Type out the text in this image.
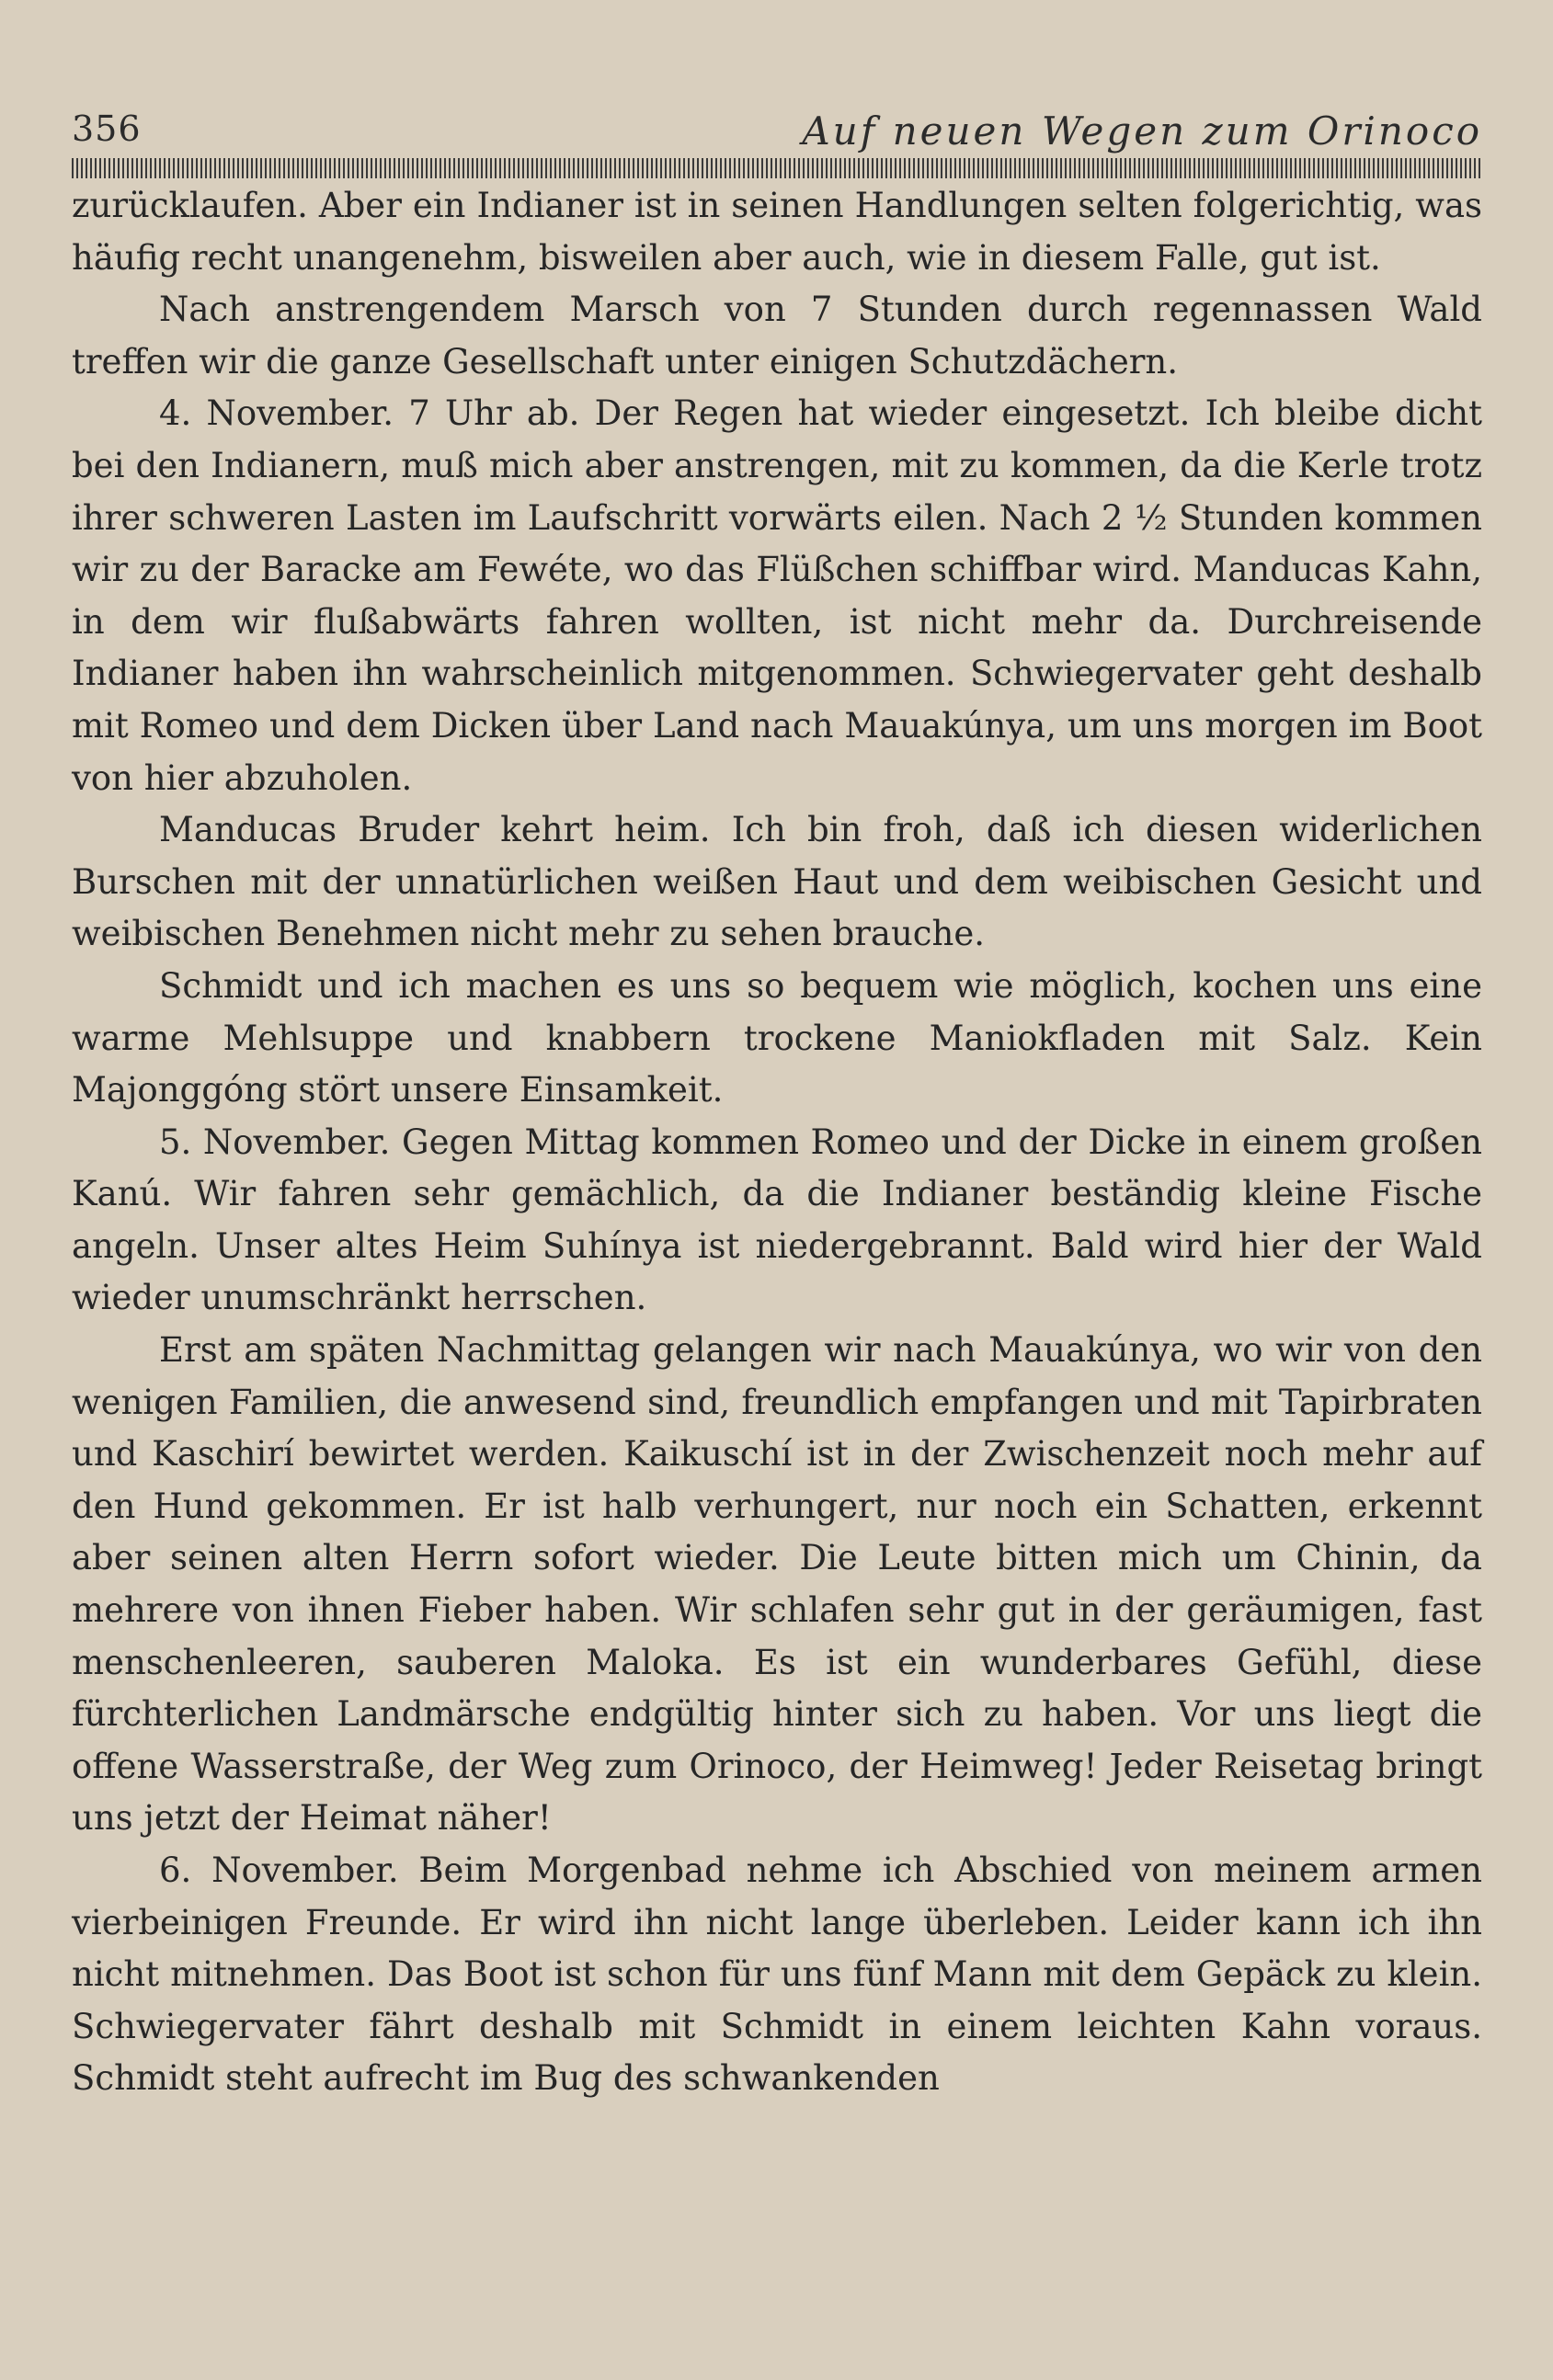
356	Auf neuen Wegen zum Orinoco

zurücklaufen. Aber ein Indianer ist in seinen Handlungen selten folgerichtig, was häufig recht unangenehm, bisweilen aber auch, wie in diesem Falle, gut ist.

Nach anstrengendem Marsch von 7 Stunden durch regennassen Wald treffen wir die ganze Gesellschaft unter einigen Schutzdächern.

4. November. 7 Uhr ab. Der Regen hat wieder eingesetzt. Ich bleibe dicht bei den Indianern, muß mich aber anstrengen, mit zu kommen, da die Kerle trotz ihrer schweren Lasten im Laufschritt vorwärts eilen. Nach 2 ½ Stunden kommen wir zu der Baracke am Fewéte, wo das Flüßchen schiffbar wird. Manducas Kahn, in dem wir flußabwärts fahren wollten, ist nicht mehr da. Durchreisende Indianer haben ihn wahrscheinlich mitgenommen. Schwiegervater geht deshalb mit Romeo und dem Dicken über Land nach Mauakúnya, um uns morgen im Boot von hier abzuholen.

Manducas Bruder kehrt heim. Ich bin froh, daß ich diesen widerlichen Burschen mit der unnatürlichen weißen Haut und dem weibischen Gesicht und weibischen Benehmen nicht mehr zu sehen brauche.

Schmidt und ich machen es uns so bequem wie möglich, kochen uns eine warme Mehlsuppe und knabbern trockene Maniokfladen mit Salz. Kein Majonggóng stört unsere Einsamkeit.

5. November. Gegen Mittag kommen Romeo und der Dicke in einem großen Kanú. Wir fahren sehr gemächlich, da die Indianer beständig kleine Fische angeln. Unser altes Heim Suhínya ist niedergebrannt. Bald wird hier der Wald wieder unumschränkt herrschen.

Erst am späten Nachmittag gelangen wir nach Mauakúnya, wo wir von den wenigen Familien, die anwesend sind, freundlich empfangen und mit Tapirbraten und Kaschirí bewirtet werden. Kaikuschí ist in der Zwischenzeit noch mehr auf den Hund gekommen. Er ist halb verhungert, nur noch ein Schatten, erkennt aber seinen alten Herrn sofort wieder. Die Leute bitten mich um Chinin, da mehrere von ihnen Fieber haben. Wir schlafen sehr gut in der geräumigen, fast menschenleeren, sauberen Maloka. Es ist ein wunderbares Gefühl, diese fürchterlichen Landmärsche endgültig hinter sich zu haben. Vor uns liegt die offene Wasserstraße, der Weg zum Orinoco, der Heimweg! Jeder Reisetag bringt uns jetzt der Heimat näher!

6. November. Beim Morgenbad nehme ich Abschied von meinem armen vierbeinigen Freunde. Er wird ihn nicht lange überleben. Leider kann ich ihn nicht mitnehmen. Das Boot ist schon für uns fünf Mann mit dem Gepäck zu klein. Schwiegervater fährt deshalb mit Schmidt in einem leichten Kahn voraus. Schmidt steht aufrecht im Bug des schwankenden
